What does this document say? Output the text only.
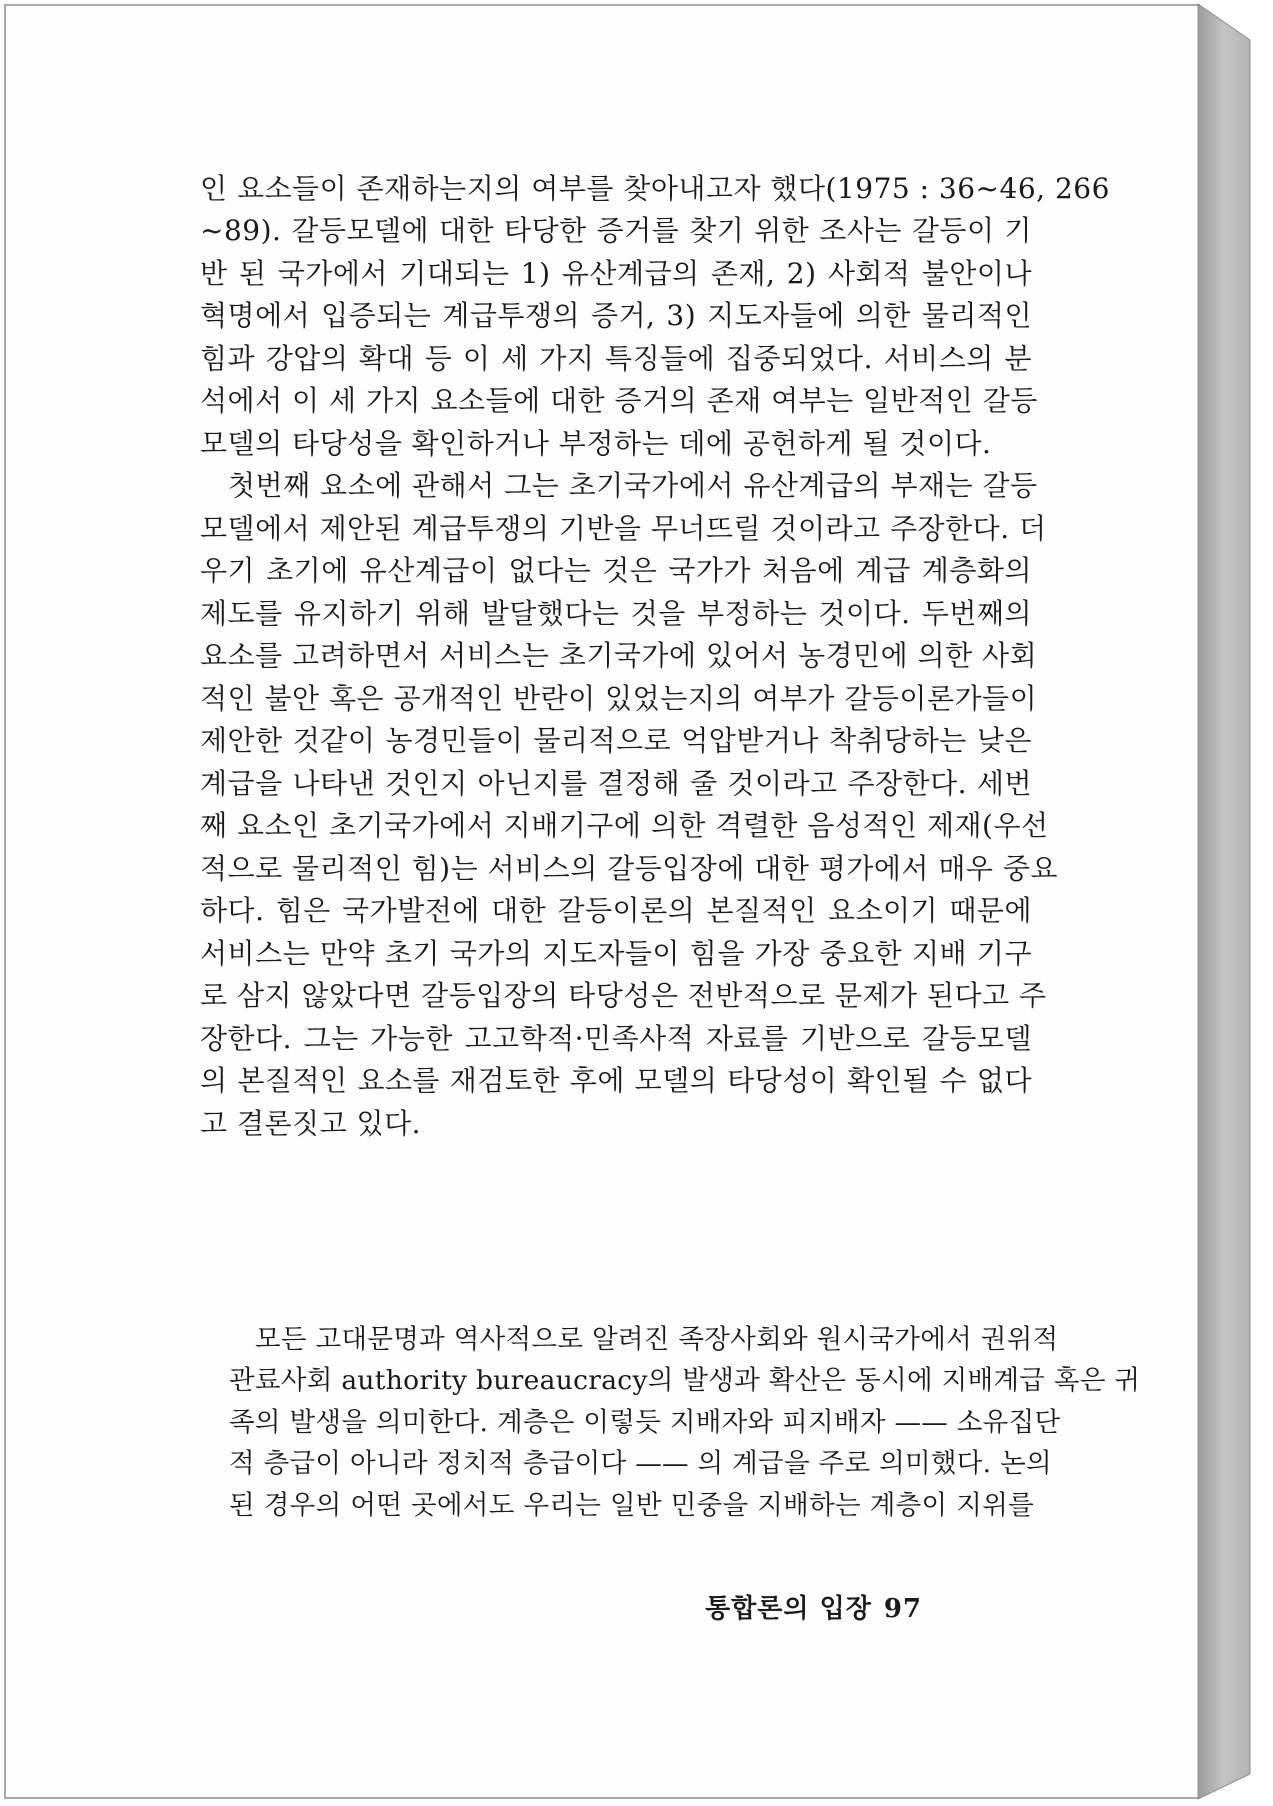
인 요소들이 존재하는지의 여부를 찾아내고자 했다(1975 : 36~46, 266
~89). 갈등모델에 대한 타당한 증거를 찾기 위한 조사는 갈등이 기
반 된 국가에서 기대되는 1) 유산계급의 존재, 2) 사회적 불안이나
혁명에서 입증되는 계급투쟁의 증거, 3) 지도자들에 의한 물리적인
힘과 강압의 확대 등 이 세 가지 특징들에 집중되었다. 서비스의 분
석에서 이 세 가지 요소들에 대한 증거의 존재 여부는 일반적인 갈등
모델의 타당성을 확인하거나 부정하는 데에 공헌하게 될 것이다.
첫번째 요소에 관해서 그는 초기국가에서 유산계급의 부재는 갈등
모델에서 제안된 계급투쟁의 기반을 무너뜨릴 것이라고 주장한다. 더
우기 초기에 유산계급이 없다는 것은 국가가 처음에 계급 계층화의
제도를 유지하기 위해 발달했다는 것을 부정하는 것이다. 두번째의
요소를 고려하면서 서비스는 초기국가에 있어서 농경민에 의한 사회
적인 불안 혹은 공개적인 반란이 있었는지의 여부가 갈등이론가들이
제안한 것같이 농경민들이 물리적으로 억압받거나 착취당하는 낮은
계급을 나타낸 것인지 아닌지를 결정해 줄 것이라고 주장한다. 세번
째 요소인 초기국가에서 지배기구에 의한 격렬한 음성적인 제재(우선
적으로 물리적인 힘)는 서비스의 갈등입장에 대한 평가에서 매우 중요
하다. 힘은 국가발전에 대한 갈등이론의 본질적인 요소이기 때문에
서비스는 만약 초기 국가의 지도자들이 힘을 가장 중요한 지배 기구
로 삼지 않았다면 갈등입장의 타당성은 전반적으로 문제가 된다고 주
장한다. 그는 가능한 고고학적·민족사적 자료를 기반으로 갈등모델
의 본질적인 요소를 재검토한 후에 모델의 타당성이 확인될 수 없다
고 결론짓고 있다.
모든 고대문명과 역사적으로 알려진 족장사회와 원시국가에서 권위적
관료사회 authority bureaucracy의 발생과 확산은 동시에 지배계급 혹은 귀
족의 발생을 의미한다. 계층은 이렇듯 지배자와 피지배자 —— 소유집단
적 층급이 아니라 정치적 층급이다 —— 의 계급을 주로 의미했다. 논의
된 경우의 어떤 곳에서도 우리는 일반 민중을 지배하는 계층이 지위를
통합론의 입장 97
